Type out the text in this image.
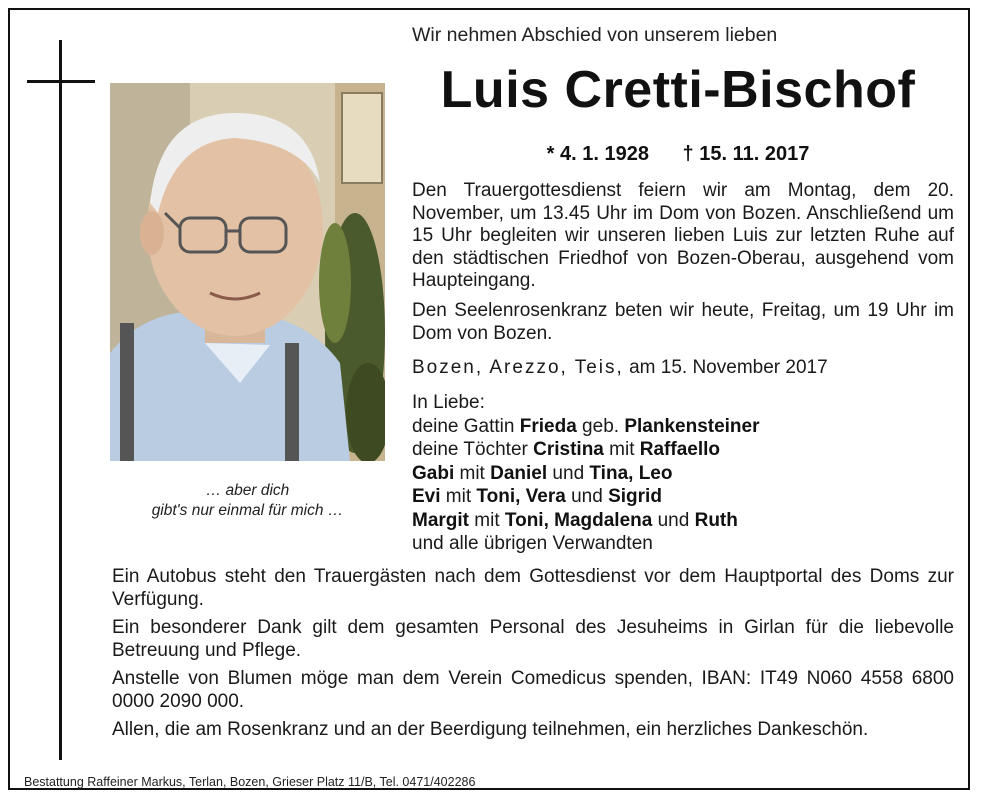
… aber dich
gibt's nur einmal für mich …
Wir nehmen Abschied von unserem lieben
Luis Cretti-Bischof
* 4. 1. 1928 † 15. 11. 2017
Den Trauergottesdienst feiern wir am Montag, dem 20. November, um 13.45 Uhr im Dom von Bozen. Anschließend um 15 Uhr begleiten wir unseren lieben Luis zur letzten Ruhe auf den städtischen Friedhof von Bozen-Oberau, ausgehend vom Haupteingang.
Den Seelenrosenkranz beten wir heute, Freitag, um 19 Uhr im Dom von Bozen.
Bozen, Arezzo, Teis, am 15. November 2017
In Liebe:
deine Gattin Frieda geb. Plankensteiner
deine Töchter Cristina mit Raffaello
Gabi mit Daniel und Tina, Leo
Evi mit Toni, Vera und Sigrid
Margit mit Toni, Magdalena und Ruth
und alle übrigen Verwandten
Ein Autobus steht den Trauergästen nach dem Gottesdienst vor dem Hauptportal des Doms zur Verfügung.
Ein besonderer Dank gilt dem gesamten Personal des Jesuheims in Girlan für die liebevolle Betreuung und Pflege.
Anstelle von Blumen möge man dem Verein Comedicus spenden, IBAN: IT49 N060 4558 6800 0000 2090 000.
Allen, die am Rosenkranz und an der Beerdigung teilnehmen, ein herzliches Dankeschön.
Bestattung Raffeiner Markus, Terlan, Bozen, Grieser Platz 11/B, Tel. 0471/402286
